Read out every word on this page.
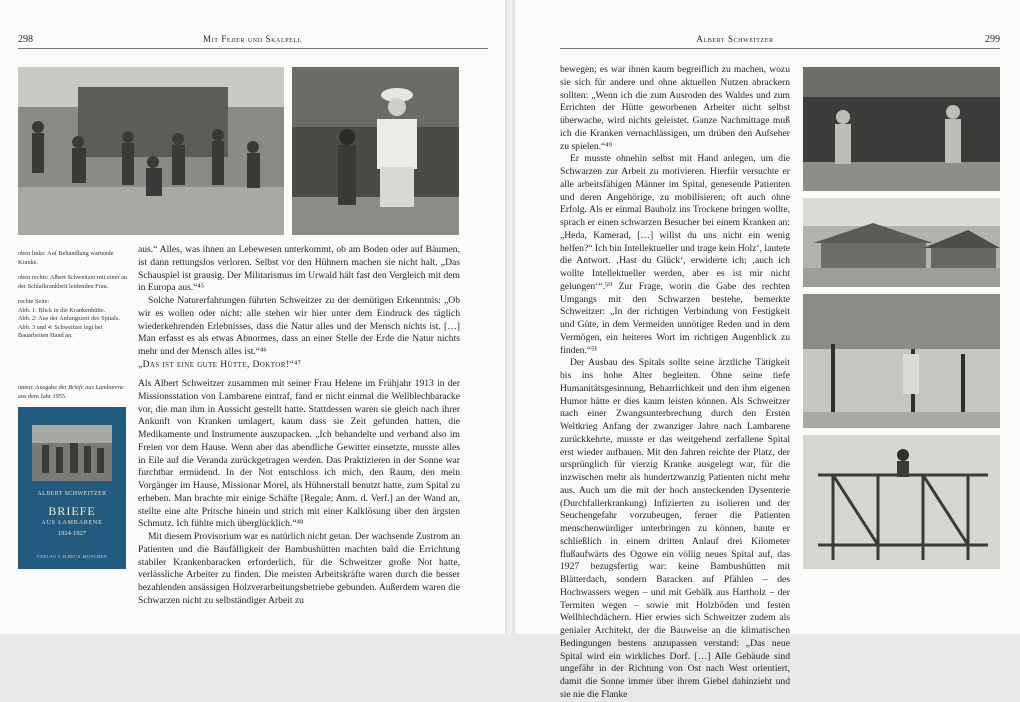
298	Mit Feder und Skalpell
oben links: Auf Behandlung wartende Kranke.
oben rechts: Albert Schweitzer mit einer an der Schlafkrankheit leidenden Frau.
rechte Seite:
Abb. 1: Blick in die Krankenhütte.
Abb. 2: Aus der Anfangszeit des Spitals.
Abb. 3 und 4: Schweitzer legt bei Bauarbeiten Hand an.
unten: Ausgabe der Briefe aus Lambarene aus dem Jahr 1955.
ALBERT SCHWEITZER
BRIEFE
AUS LAMBARENE
1924-1927
VERLAG C.H.BECK MÜNCHEN

aus.“ Alles, was ihnen an Lebewesen unterkommt, ob am Boden oder auf Bäumen, ist dann rettungslos verloren. Selbst vor den Hühnern machen sie nicht halt. „Das Schauspiel ist grausig. Der Militarismus im Urwald hält fast den Vergleich mit dem in Europa aus.“⁴⁵

Solche Naturerfahrungen führten Schweitzer zu der demütigen Erkenntnis: „Ob wir es wollen oder nicht: alle stehen wir hier unter dem Eindruck des täglich wiederkehrenden Erlebnisses, dass die Natur alles und der Mensch nichts ist. […] Man erfasst es als etwas Abnormes, dass an einer Stelle der Erde die Natur nichts mehr und der Mensch alles ist.“⁴⁶

„Das ist eine gute Hütte, Doktor!“⁴⁷

Als Albert Schweitzer zusammen mit seiner Frau Helene im Frühjahr 1913 in der Missionsstation von Lambarene eintraf, fand er nicht einmal die Wellblechbaracke vor, die man ihm in Aussicht gestellt hatte. Stattdessen waren sie gleich nach ihrer Ankunft von Kranken umlagert, kaum dass sie Zeit gefunden hatten, die Medikamente und Instrumente auszupacken. „Ich behandelte und verband also im Freien vor dem Hause. Wenn aber das abendliche Gewitter einsetzte, musste alles in Eile auf die Veranda zurückgetragen werden. Das Praktizieren in der Sonne war furchtbar ermüdend. In der Not entschloss ich mich, den Raum, den mein Vorgänger im Hause, Missionar Morel, als Hühnerstall benutzt hatte, zum Spital zu erheben. Man brachte mir einige Schäfte [Regale; Anm. d. Verf.] an der Wand an, stellte eine alte Pritsche hinein und strich mit einer Kalklösung über den ärgsten Schmutz. Ich fühlte mich überglücklich.“⁴⁸

Mit diesem Provisorium war es natürlich nicht getan. Der wachsende Zustrom an Patienten und die Baufälligkeit der Bambushütten machten bald die Errichtung stabiler Krankenbaracken erforderlich, für die Schweitzer große Not hatte, verlässliche Arbeiter zu finden. Die meisten Arbeitskräfte waren durch die besser bezahlenden ansässigen Holzverarbeitungsbetriebe gebunden. Außerdem waren die Schwarzen nicht zu selbständiger Arbeit zu

Albert Schweitzer	299

bewegen; es war ihnen kaum begreiflich zu machen, wozu sie sich für andere und ohne aktuellen Nutzen abrackern sollten: „Wenn ich die zum Ausroden des Waldes und zum Errichten der Hütte geworbenen Arbeiter nicht selbst überwache, wird nichts geleistet. Ganze Nachmittage muß ich die Kranken vernachlässigen, um drüben den Aufseher zu spielen.“⁴⁹

Er musste ohnehin selbst mit Hand anlegen, um die Schwarzen zur Arbeit zu motivieren. Hierfür versuchte er alle arbeitsfähigen Männer im Spital, genesende Patienten und deren Angehörige, zu mobilisieren; oft auch ohne Erfolg. Als er einmal Bauholz ins Trockene bringen wollte, sprach er einen schwarzen Besucher bei einem Kranken an: „Heda, Kamerad, […] willst du uns nicht ein wenig helfen?“ Ich bin Intellektueller und trage kein Holz‘, lautete die Antwort. ‚Hast du Glück‘, erwiderte ich; ‚auch ich wollte Intellektueller werden, aber es ist mir nicht gelungen‘“.⁵⁰ Zur Frage, worin die Gabe des rechten Umgangs mit den Schwarzen bestehe, bemerkte Schweitzer: „In der richtigen Verbindung von Festigkeit und Güte, in dem Vermeiden unnötiger Reden und in dem Vermögen, ein heiteres Wort im richtigen Augenblick zu finden.“⁵¹

Der Ausbau des Spitals sollte seine ärztliche Tätigkeit bis ins hohe Alter begleiten. Ohne seine tiefe Humanitätsgesinnung, Beharrlichkeit und den ihm eigenen Humor hätte er dies kaum leisten können. Als Schweitzer nach einer Zwangsunterbrechung durch den Ersten Weltkrieg Anfang der zwanziger Jahre nach Lambarene zurückkehrte, musste er das weitgehend zerfallene Spital erst wieder aufbauen. Mit den Jahren reichte der Platz, der ursprünglich für vierzig Kranke ausgelegt war, für die inzwischen mehr als hundertzwanzig Patienten nicht mehr aus. Auch um die mit der hoch ansteckenden Dysenterie (Durchfallerkrankung) Infizierten zu isolieren und der Seuchengefahr vorzubeugen, ferner die Patienten menschenwürdiger unterbringen zu können, baute er schließlich in einem dritten Anlauf drei Kilometer flußaufwärts des Ogowe ein völlig neues Spital auf, das 1927 bezugsfertig war: keine Bambushütten mit Blätterdach, sondern Baracken auf Pfählen – des Hochwassers wegen – und mit Gebälk aus Hartholz – der Termiten wegen – sowie mit Holzböden und festen Wellblechdächern. Hier erwies sich Schweitzer zudem als genialer Architekt, der die Bauweise an die klimatischen Bedingungen bestens anzupassen verstand: „Das neue Spital wird ein wirkliches Dorf. […] Alle Gebäude sind ungefähr in der Richtung von Ost nach West orientiert, damit die Sonne immer über ihrem Giebel dahinzieht und sie nie die Flanke
